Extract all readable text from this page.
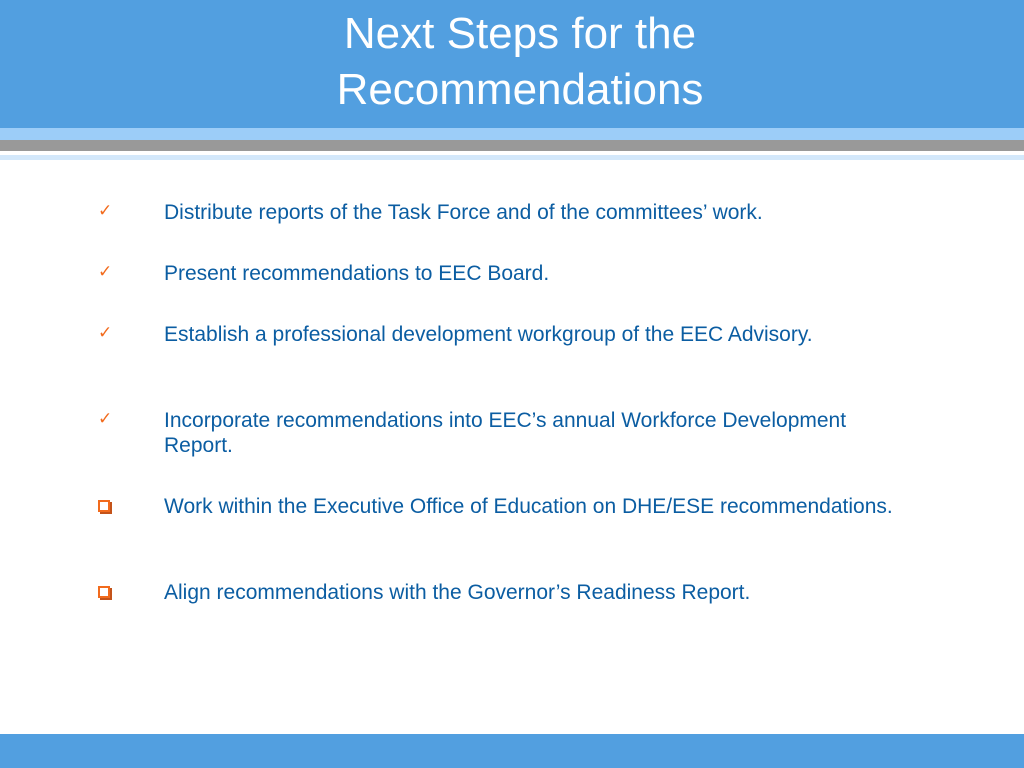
Next Steps for the
Recommendations
✓	Distribute reports of the Task Force and of the committees’ work.
✓	Present recommendations to EEC Board.
✓	Establish a professional development workgroup of the EEC Advisory.
✓	Incorporate recommendations into EEC’s annual Workforce Development Report.
Work within the Executive Office of Education on DHE/ESE recommendations.
Align recommendations with the Governor’s Readiness Report.
